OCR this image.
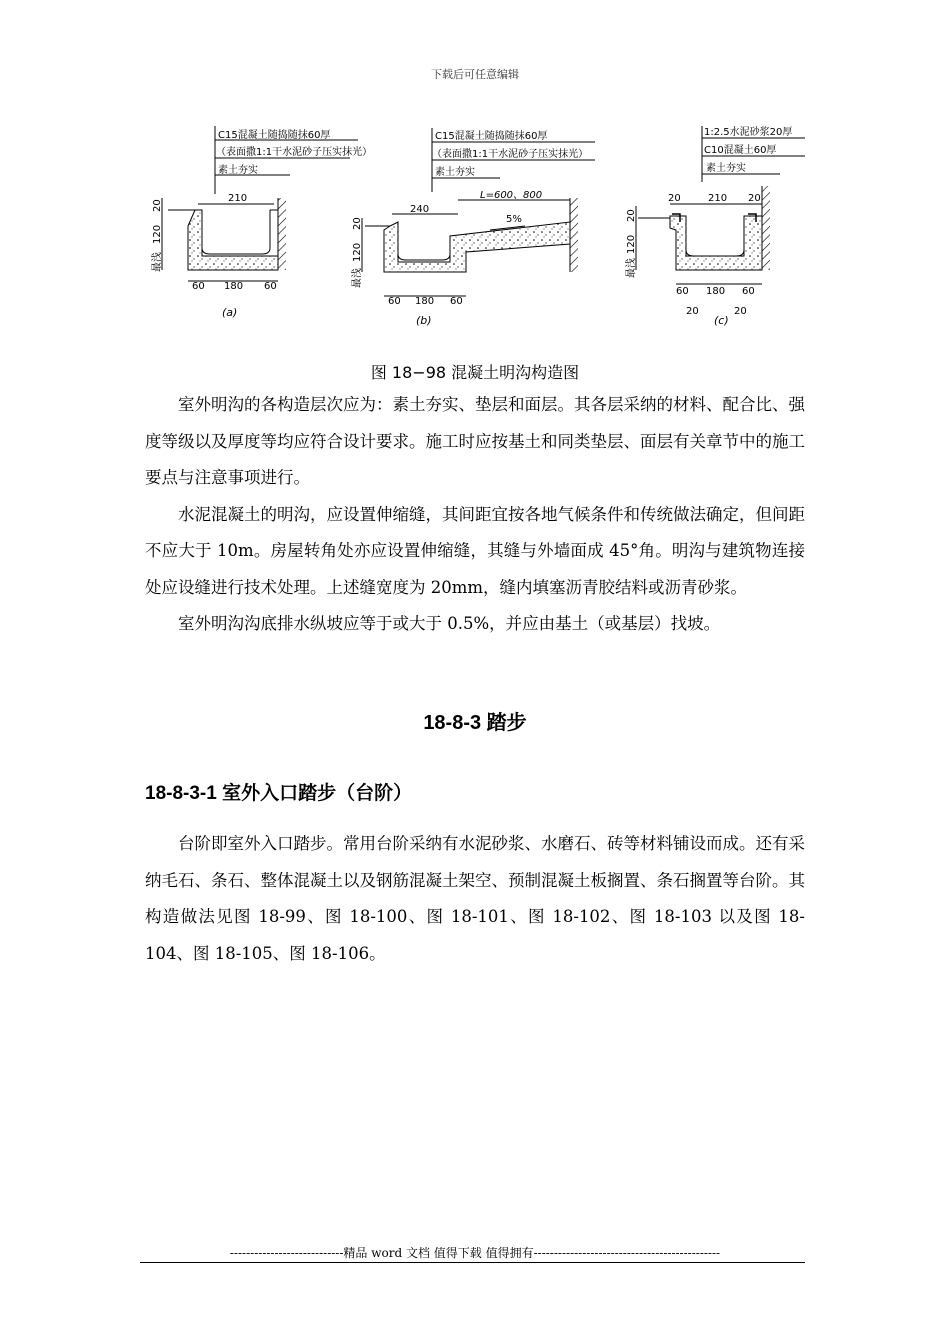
下载后可任意编辑
C15混凝土随捣随抹60厚
（表面撒1:1干水泥砂子压实抹光）
素土夯实
210
60 180 60
20
120
最浅
(a)
C15混凝土随捣随抹60厚
（表面撒1:1干水泥砂子压实抹光）
素土夯实
240
L=600、800
5%
60 180 60
20
120
最浅
(b)
1:2.5水泥砂浆20厚
C10混凝土60厚
素土夯实
20	210 20
60 180 60
20	20
20
120
最浅
(c)
图 18−98 混凝土明沟构造图

室外明沟的各构造层次应为：素土夯实、垫层和面层。其各层采纳的材料、配合比、强度等级以及厚度等均应符合设计要求。施工时应按基土和同类垫层、面层有关章节中的施工要点与注意事项进行。

水泥混凝土的明沟，应设置伸缩缝，其间距宜按各地气候条件和传统做法确定，但间距不应大于 10m。房屋转角处亦应设置伸缩缝，其缝与外墙面成 45°角。明沟与建筑物连接处应设缝进行技术处理。上述缝宽度为 20mm，缝内填塞沥青胶结料或沥青砂浆。

室外明沟沟底排水纵坡应等于或大于 0.5%，并应由基土（或基层）找坡。

18-8-3 踏步
18-8-3-1 室外入口踏步（台阶）

台阶即室外入口踏步。常用台阶采纳有水泥砂浆、水磨石、砖等材料铺设而成。还有采纳毛石、条石、整体混凝土以及钢筋混凝土架空、预制混凝土板搁置、条石搁置等台阶。其构造做法见图 18-99、图 18-100、图 18-101、图 18-102、图 18-103 以及图 18-104、图 18-105、图 18-106。

----------------------------精品 word 文档 值得下载 值得拥有----------------------------------------------
